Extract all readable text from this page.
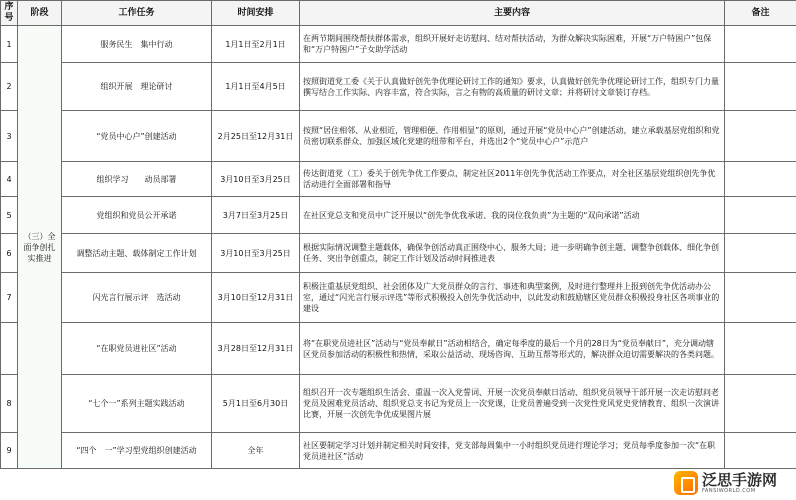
序号	阶段	工作任务	时间安排	主要内容	备注
1	（三）全面争创扎实推进	服务民生　集中行动	1月1日至2月1日	在两节期间围绕帮扶群体需求，组织开展好走访慰问、结对帮扶活动，为群众解决实际困难，开展“万户特困户”包保和“万户特困户”子女助学活动	
2		组织开展　理论研讨	1月1日至4月5日	按照街道党工委《关于认真做好创先争优理论研讨工作的通知》要求，认真做好创先争优理论研讨工作，组织专门力量撰写结合工作实际、内容丰富，符合实际，言之有物的高质量的研讨文章；并将研讨文章装订存档。	
3		“党员中心户”创建活动	2月25日至12月31日	按照“居住相邻、从业相近，管理相便、作用相显”的原则，通过开展“党员中心户”创建活动，建立承载基层党组织和党员密切联系群众、加强区域化党建的纽带和平台，并选出2个“党员中心户”示范户	
4		组织学习　　动员部署	3月10日至3月25日	传达街道党（工）委关于创先争优工作要点，制定社区2011年创先争优活动工作要点，对全社区基层党组织创先争优活动进行全面部署和指导	
5		党组织和党员公开承诺	3月7日至3月25日	在社区党总支和党员中广泛开展以“创先争优我承诺、我的岗位我负责”为主题的“双向承诺”活动	
6		调整活动主题、载体制定工作计划	3月10日至3月25日	根据实际情况调整主题载体，确保争创活动真正围绕中心、服务大局；进一步明确争创主题、调整争创载体、细化争创任务、突出争创重点，制定工作计划及活动时间推进表	
7		闪光言行展示评　选活动	3月10日至12月31日	积极注重基层党组织、社会团体及广大党员群众的言行、事迹和典型案例，及时进行整理并上报到创先争优活动办公室，通过“闪光言行展示评选”等形式积极投入创先争优活动中，以此发动和鼓励辖区党员群众积极投身社区各项事业的建设	
		“在职党员进社区”活动	3月28日至12月31日	将“在职党员进社区”活动与“党员奉献日”活动相结合，确定每季度的最后一个月的28日为“党员奉献日”，充分调动辖区党员参加活动的积极性和热情，采取公益活动、现场咨询、互助互帮等形式的，解决群众迫切需要解决的各类问题。	
8		“七个一”系列主题实践活动	5月1日至6月30日	组织召开一次专题组织生活会、重温一次入党誓词、开展一次党员奉献日活动、组织党员领导干部开展一次走访慰问老党员及困难党员活动、组织党总支书记为党员上一次党课，让党员普遍受到一次党性党风党史党情教育、组织一次演讲比赛，开展一次创先争优成果图片展	
9		“四个　一”学习型党组织创建活动	全年	社区要制定学习计划并制定相关时间安排，党支部每周集中一小时组织党员进行理论学习；党员每季度参加一次“在职党员进社区”活动	
泛思手游网
FANSIWORLD.COM
